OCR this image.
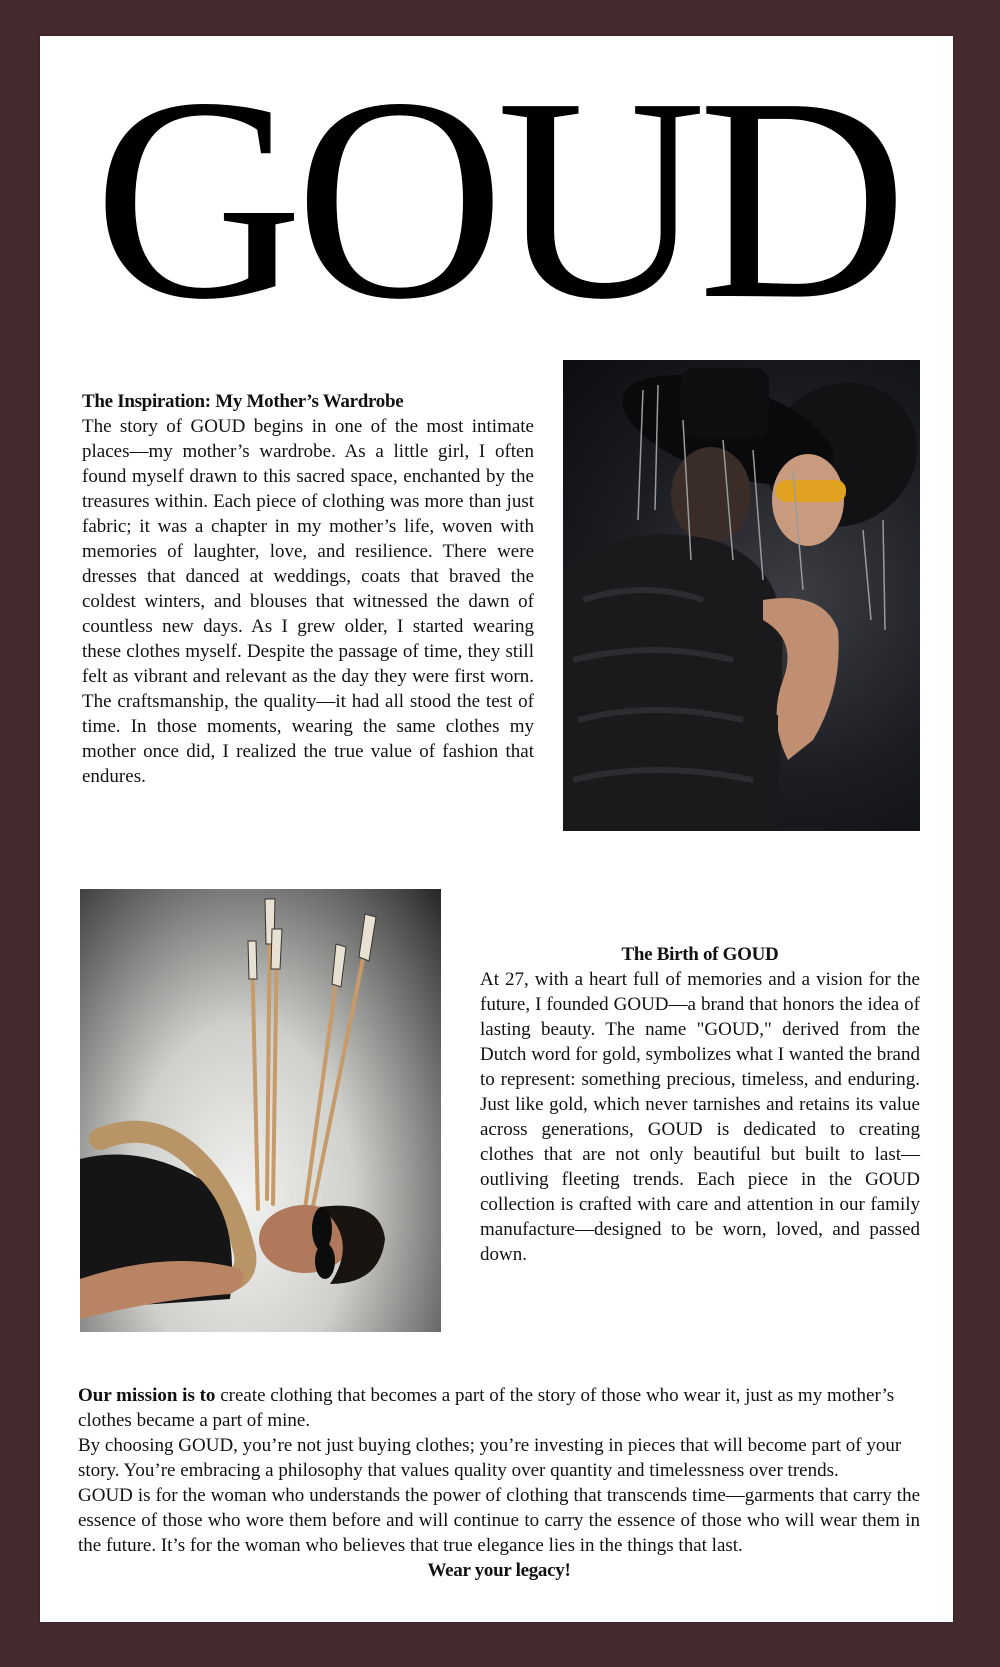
GOUD
The Inspiration: My Mother’s Wardrobe
The story of GOUD begins in one of the most intimate places—my mother’s wardrobe. As a little girl, I often found myself drawn to this sacred space, enchanted by the treasures within. Each piece of clothing was more than just fabric; it was a chapter in my mother’s life, woven with memories of laughter, love, and resilience. There were dresses that danced at weddings, coats that braved the coldest winters, and blouses that witnessed the dawn of countless new days. As I grew older, I started wearing these clothes myself. Despite the passage of time, they still felt as vibrant and relevant as the day they were first worn. The craftsmanship, the quality—it had all stood the test of time. In those moments, wearing the same clothes my mother once did, I realized the true value of fashion that endures.
The Birth of GOUD
At 27, with a heart full of memories and a vision for the future, I founded GOUD—a brand that honors the idea of lasting beauty. The name "GOUD," derived from the Dutch word for gold, symbolizes what I wanted the brand to represent: something precious, timeless, and enduring. Just like gold, which never tarnishes and retains its value across generations, GOUD is dedicated to creating clothes that are not only beautiful but built to last—outliving fleeting trends. Each piece in the GOUD collection is crafted with care and attention in our family manufacture—designed to be worn, loved, and passed down.
Our mission is to create clothing that becomes a part of the story of those who wear it, just as my mother’s clothes became a part of mine.
By choosing GOUD, you’re not just buying clothes; you’re investing in pieces that will become part of your story. You’re embracing a philosophy that values quality over quantity and timelessness over trends.
GOUD is for the woman who understands the power of clothing that transcends time—garments that carry the essence of those who wore them before and will continue to carry the essence of those who will wear them in the future. It’s for the woman who believes that true elegance lies in the things that last.
Wear your legacy!
